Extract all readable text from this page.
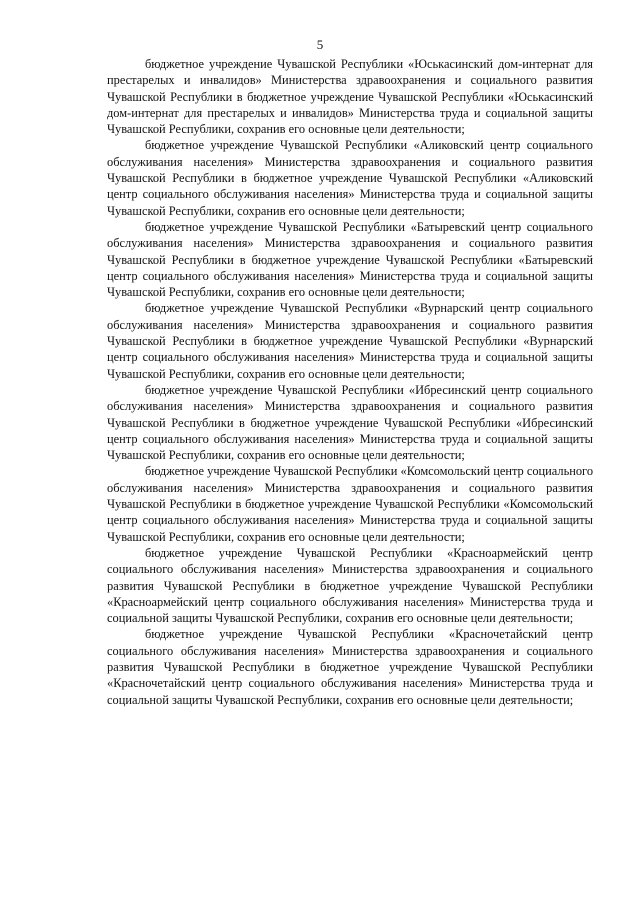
5

бюджетное учреждение Чувашской Республики «Юськасинский дом-интернат для престарелых и инвалидов» Министерства здравоохранения и социального развития Чувашской Республики в бюджетное учреждение Чувашской Республики «Юськасинский дом-интернат для престарелых и инвалидов» Министерства труда и социальной защиты Чувашской Республики, сохранив его основные цели деятельности;

бюджетное учреждение Чувашской Республики «Аликовский центр социального обслуживания населения» Министерства здравоохранения и социального развития Чувашской Республики в бюджетное учреждение Чувашской Республики «Аликовский центр социального обслуживания населения» Министерства труда и социальной защиты Чувашской Республики, сохранив его основные цели деятельности;

бюджетное учреждение Чувашской Республики «Батыревский центр социального обслуживания населения» Министерства здравоохранения и социального развития Чувашской Республики в бюджетное учреждение Чувашской Республики «Батыревский центр социального обслуживания населения» Министерства труда и социальной защиты Чувашской Республики, сохранив его основные цели деятельности;

бюджетное учреждение Чувашской Республики «Вурнарский центр социального обслуживания населения» Министерства здравоохранения и социального развития Чувашской Республики в бюджетное учреждение Чувашской Республики «Вурнарский центр социального обслуживания населения» Министерства труда и социальной защиты Чувашской Республики, сохранив его основные цели деятельности;

бюджетное учреждение Чувашской Республики «Ибресинский центр социального обслуживания населения» Министерства здравоохранения и социального развития Чувашской Республики в бюджетное учреждение Чувашской Республики «Ибресинский центр социального обслуживания населения» Министерства труда и социальной защиты Чувашской Республики, сохранив его основные цели деятельности;

бюджетное учреждение Чувашской Республики «Комсомольский центр социального обслуживания населения» Министерства здравоохранения и социального развития Чувашской Республики в бюджетное учреждение Чувашской Республики «Комсомольский центр социального обслуживания населения» Министерства труда и социальной защиты Чувашской Республики, сохранив его основные цели деятельности;

бюджетное учреждение Чувашской Республики «Красноармейский центр социального обслуживания населения» Министерства здравоохранения и социального развития Чувашской Республики в бюджетное учреждение Чувашской Республики «Красноармейский центр социального обслуживания населения» Министерства труда и социальной защиты Чувашской Республики, сохранив его основные цели деятельности;

бюджетное учреждение Чувашской Республики «Красночетайский центр социального обслуживания населения» Министерства здравоохранения и социального развития Чувашской Республики в бюджетное учреждение Чувашской Республики «Красночетайский центр социального обслуживания населения» Министерства труда и социальной защиты Чувашской Республики, сохранив его основные цели деятельности;
